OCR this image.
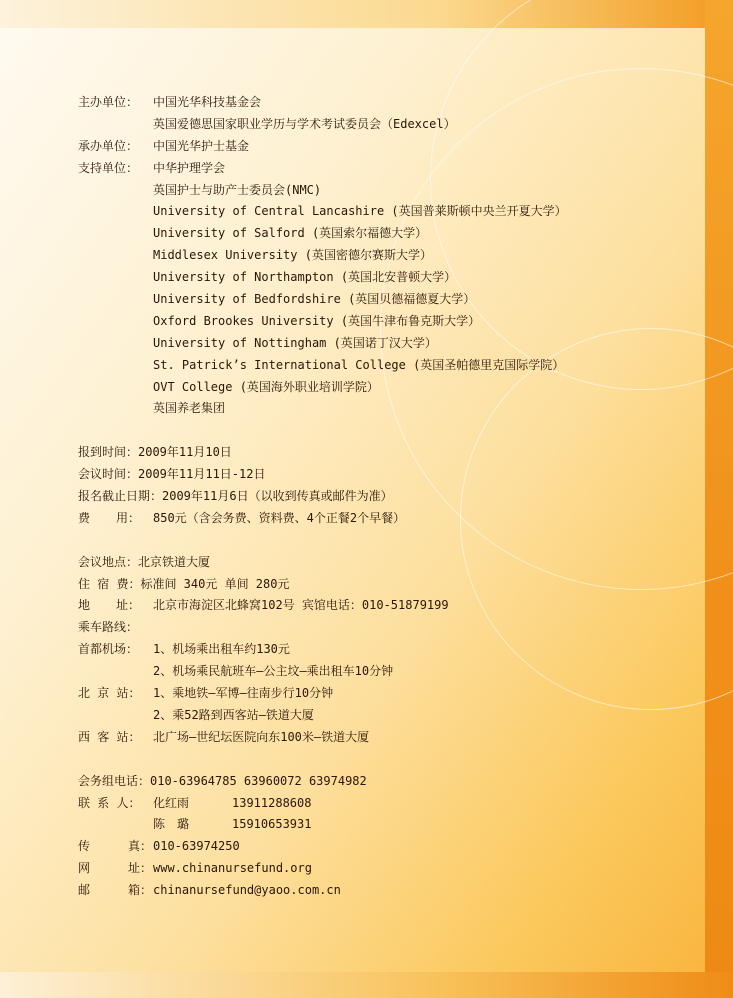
主办单位： 中国光华科技基金会
英国爱德思国家职业学历与学术考试委员会（Edexcel）
承办单位： 中国光华护士基金
支持单位： 中华护理学会
英国护士与助产士委员会(NMC)
University of Central Lancashire (英国普莱斯顿中央兰开夏大学）
University of Salford (英国索尔福德大学）
Middlesex University (英国密德尔赛斯大学）
University of Northampton (英国北安普顿大学）
University of Bedfordshire (英国贝德福德夏大学）
Oxford Brookes University (英国牛津布鲁克斯大学）
University of Nottingham (英国诺丁汉大学）
St. Patrick’s International College (英国圣帕德里克国际学院）
OVT College (英国海外职业培训学院）
英国养老集团
报到时间：2009年11月10日
会议时间：2009年11月11日-12日
报名截止日期：2009年11月6日（以收到传真或邮件为准）
费 用： 850元（含会务费、资料费、4个正餐2个早餐）
会议地点：北京铁道大厦
住 宿 费：标准间 340元 单间 280元
地 址： 北京市海淀区北蜂窝102号 宾馆电话：010-51879199
乘车路线：
首都机场： 1、机场乘出租车约130元
2、机场乘民航班车—公主坟—乘出租车10分钟
北 京 站： 1、乘地铁—军博—往南步行10分钟
2、乘52路到西客站—铁道大厦
西 客 站： 北广场—世纪坛医院向东100米—铁道大厦
会务组电话：010-63964785 63960072 63974982
联 系 人： 化红雨	13911288608
陈　璐	15910653931
传	真： 010-63974250
网	址： www.chinanursefund.org
邮	箱： chinanursefund@yaoo.com.cn
